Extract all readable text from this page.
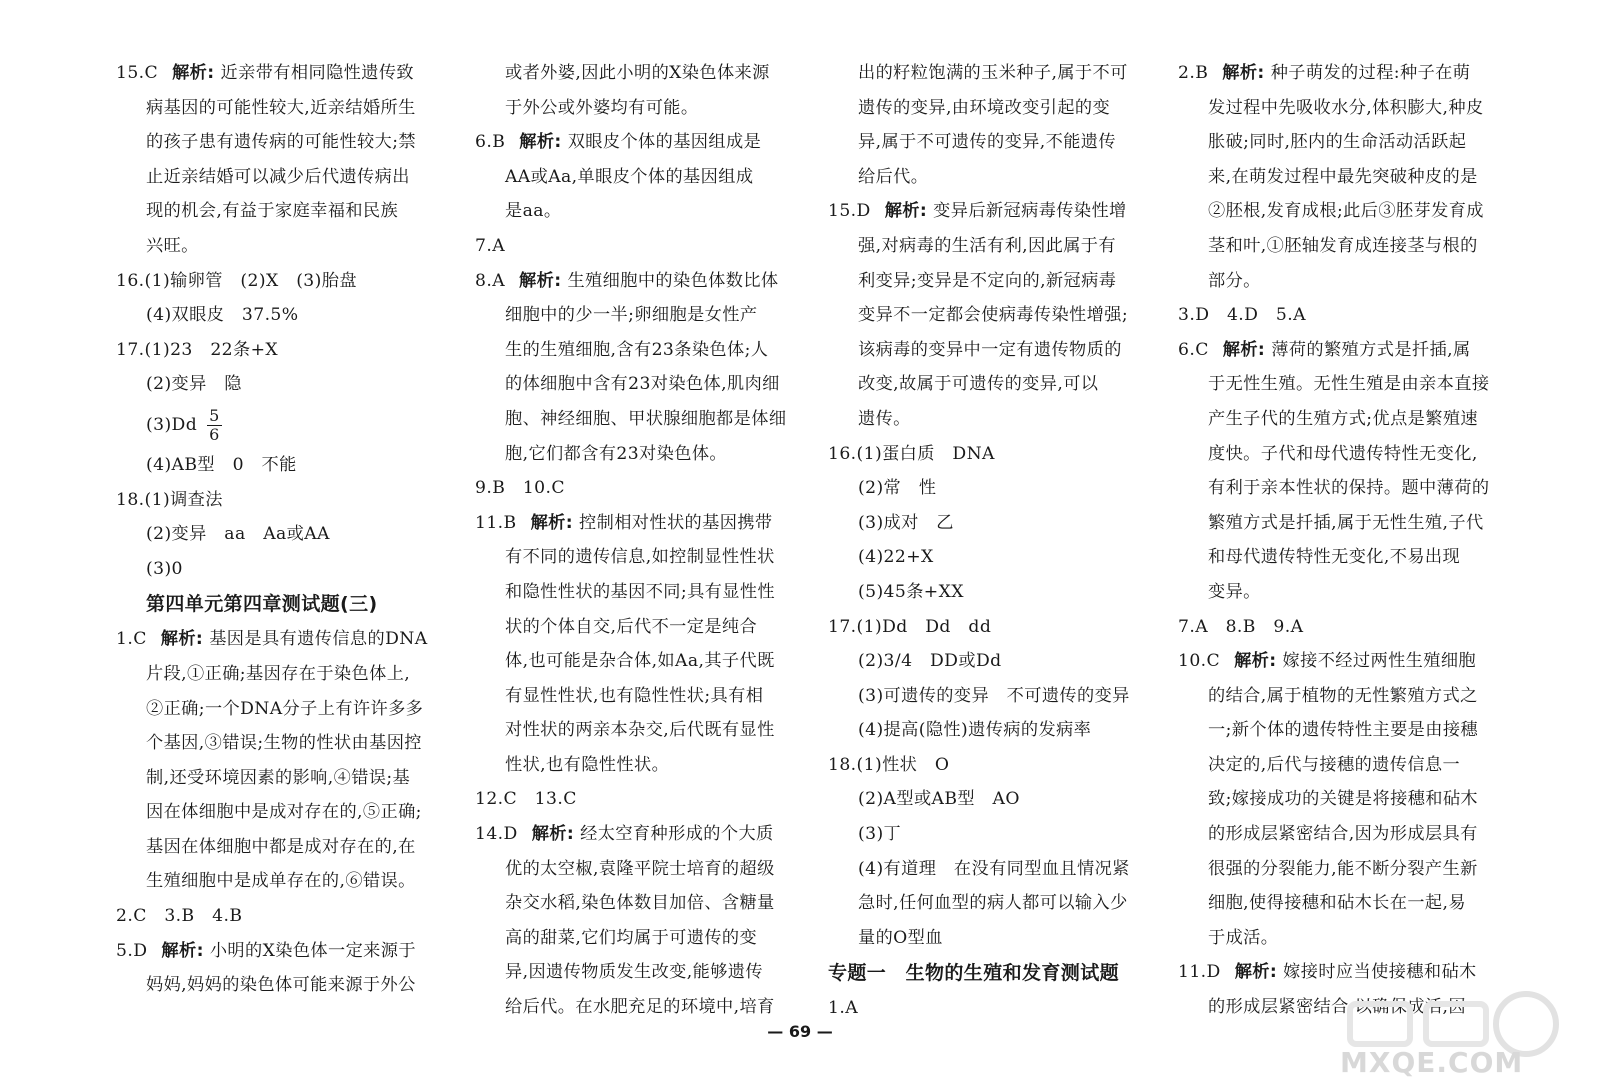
15.C 解析: 近亲带有相同隐性遗传致
病基因的可能性较大,近亲结婚所生
的孩子患有遗传病的可能性较大;禁
止近亲结婚可以减少后代遗传病出
现的机会,有益于家庭幸福和民族
兴旺。
16.(1)输卵管　(2)X　(3)胎盘
(4)双眼皮　37.5%
17.(1)23　22条+X
(2)变异　隐
$(3)Dd \frac{5}{6}$
(4)AB型　0　不能
18.(1)调查法
(2)变异　aa　Aa或AA
(3)0
第四单元第四章测试题(三)
1.C 解析: 基因是具有遗传信息的DNA
片段,①正确;基因存在于染色体上,
②正确;一个DNA分子上有许许多多
个基因,③错误;生物的性状由基因控
制,还受环境因素的影响,④错误;基
因在体细胞中是成对存在的,⑤正确;
基因在体细胞中都是成对存在的,在
生殖细胞中是成单存在的,⑥错误。
2.C　3.B　4.B
5.D 解析: 小明的X染色体一定来源于
妈妈,妈妈的染色体可能来源于外公
或者外婆,因此小明的X染色体来源
于外公或外婆均有可能。
6.B 解析: 双眼皮个体的基因组成是
AA或Aa,单眼皮个体的基因组成
是aa。
7.A
8.A 解析: 生殖细胞中的染色体数比体
细胞中的少一半;卵细胞是女性产
生的生殖细胞,含有23条染色体;人
的体细胞中含有23对染色体,肌肉细
胞、神经细胞、甲状腺细胞都是体细
胞,它们都含有23对染色体。
9.B　10.C
11.B 解析: 控制相对性状的基因携带
有不同的遗传信息,如控制显性性状
和隐性性状的基因不同;具有显性性
状的个体自交,后代不一定是纯合
体,也可能是杂合体,如Aa,其子代既
有显性性状,也有隐性性状;具有相
对性状的两亲本杂交,后代既有显性
性状,也有隐性性状。
12.C　13.C
14.D 解析: 经太空育种形成的个大质
优的太空椒,袁隆平院士培育的超级
杂交水稻,染色体数目加倍、含糖量
高的甜菜,它们均属于可遗传的变
异,因遗传物质发生改变,能够遗传
给后代。在水肥充足的环境中,培育
出的籽粒饱满的玉米种子,属于不可
遗传的变异,由环境改变引起的变
异,属于不可遗传的变异,不能遗传
给后代。
15.D 解析: 变异后新冠病毒传染性增
强,对病毒的生活有利,因此属于有
利变异;变异是不定向的,新冠病毒
变异不一定都会使病毒传染性增强;
该病毒的变异中一定有遗传物质的
改变,故属于可遗传的变异,可以
遗传。
16.(1)蛋白质　DNA
(2)常　性
(3)成对　乙
(4)22+X
(5)45条+XX
17.(1)Dd　Dd　dd
(2)3/4　DD或Dd
(3)可遗传的变异　不可遗传的变异
(4)提高(隐性)遗传病的发病率
18.(1)性状　O
(2)A型或AB型　AO
(3)丁
(4)有道理　在没有同型血且情况紧
急时,任何血型的病人都可以输入少
量的O型血
专题一　生物的生殖和发育测试题
1.A
2.B 解析: 种子萌发的过程:种子在萌
发过程中先吸收水分,体积膨大,种皮
胀破;同时,胚内的生命活动活跃起
来,在萌发过程中最先突破种皮的是
②胚根,发育成根;此后③胚芽发育成
茎和叶,①胚轴发育成连接茎与根的
部分。
3.D　4.D　5.A
6.C 解析: 薄荷的繁殖方式是扦插,属
于无性生殖。无性生殖是由亲本直接
产生子代的生殖方式;优点是繁殖速
度快。子代和母代遗传特性无变化,
有利于亲本性状的保持。题中薄荷的
繁殖方式是扦插,属于无性生殖,子代
和母代遗传特性无变化,不易出现
变异。
7.A　8.B　9.A
10.C 解析: 嫁接不经过两性生殖细胞
的结合,属于植物的无性繁殖方式之
一;新个体的遗传特性主要是由接穗
决定的,后代与接穗的遗传信息一
致;嫁接成功的关键是将接穗和砧木
的形成层紧密结合,因为形成层具有
很强的分裂能力,能不断分裂产生新
细胞,使得接穗和砧木长在一起,易
于成活。
11.D 解析: 嫁接时应当使接穗和砧木
的形成层紧密结合,以确保成活,因
— 69 —
MXQE.COM
